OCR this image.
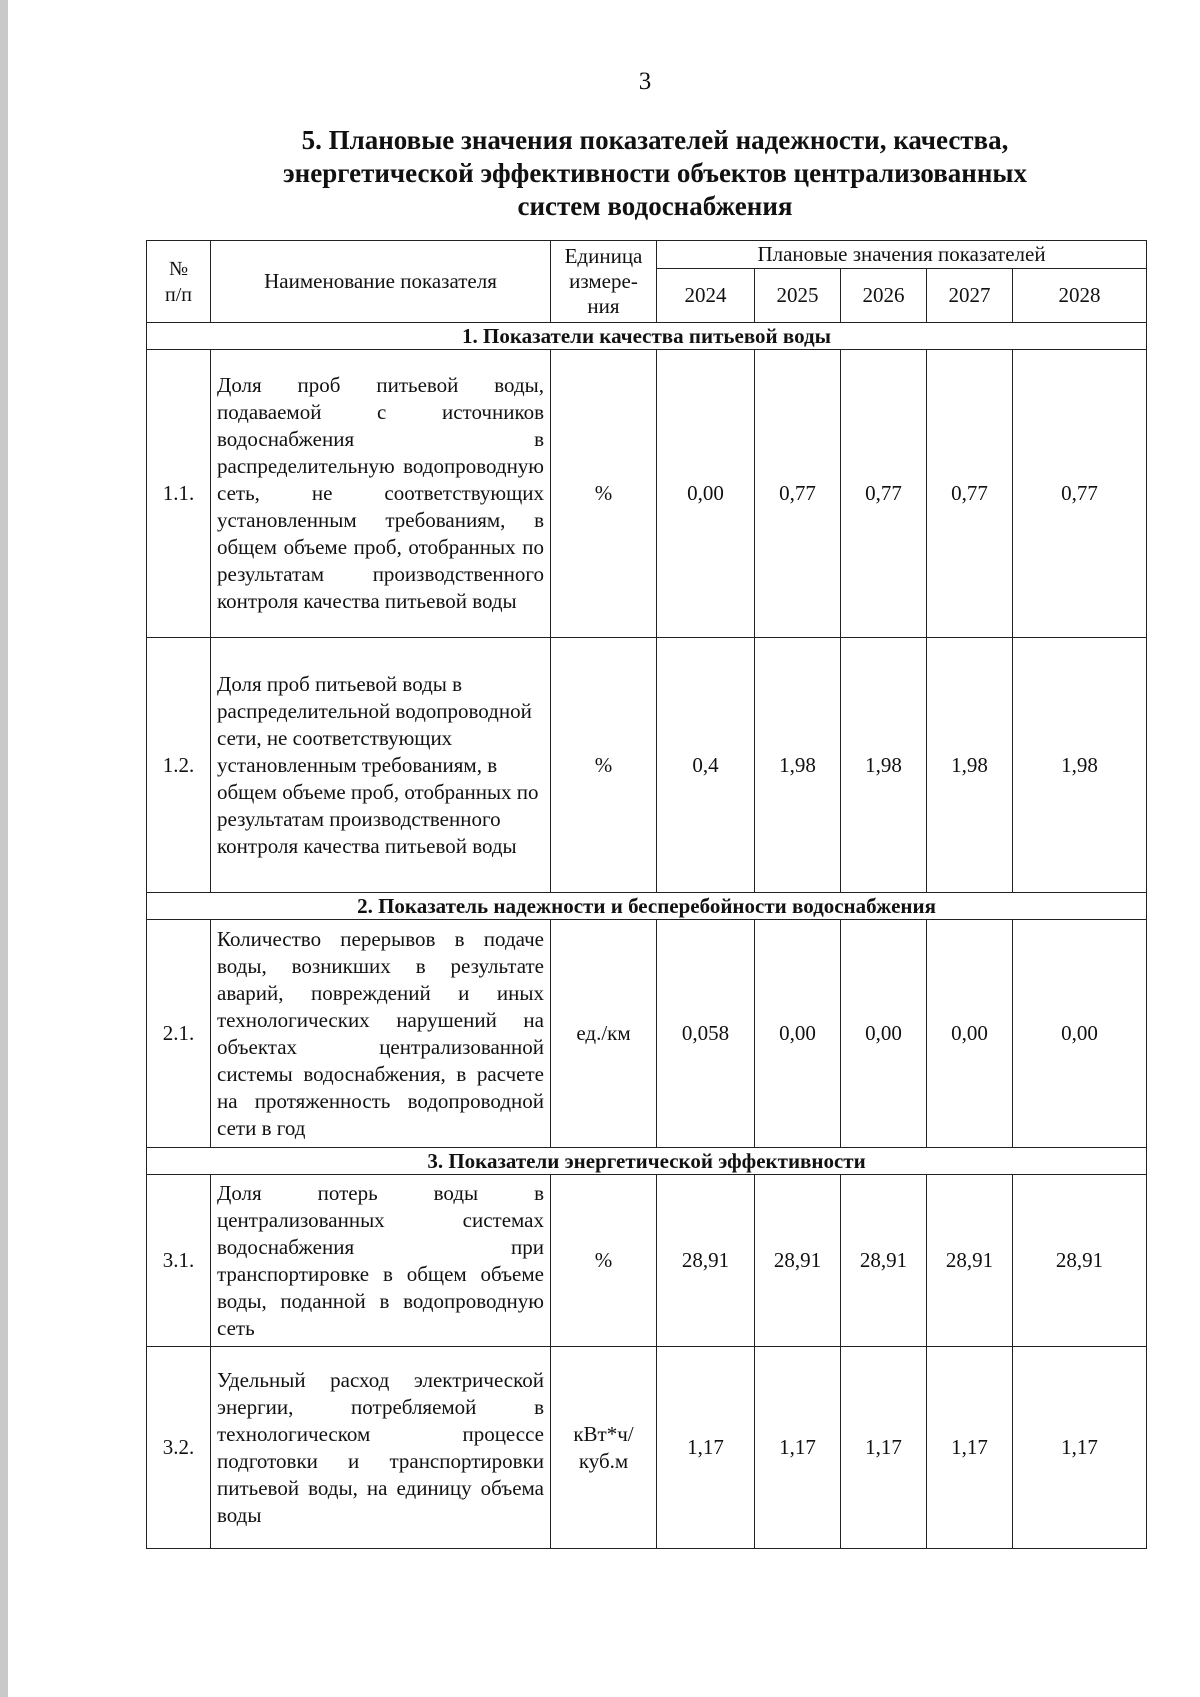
3
5. Плановые значения показателей надежности, качества,
энергетической эффективности объектов централизованных
систем водоснабжения
№
п/п	Наименование показателя	Единица измере-ния	Плановые значения показателей				
			2024	2025	2026	2027	2028
1. Показатели качества питьевой воды							
1.1.	Доля проб питьевой воды, подаваемой с источников водоснабжения в распределительную водопроводную сеть, не соответствующих установленным требованиям, в общем объеме проб, отобранных по результатам производственного контроля качества питьевой воды	%	0,00	0,77	0,77	0,77	0,77
1.2.	Доля проб питьевой воды в распределительной водопроводной сети, не соответствующих установленным требованиям, в общем объеме проб, отобранных по результатам производственного контроля качества питьевой воды	%	0,4	1,98	1,98	1,98	1,98
2. Показатель надежности и бесперебойности водоснабжения							
2.1.	Количество перерывов в подаче воды, возникших в результате аварий, повреждений и иных технологических нарушений на объектах централизованной системы водоснабжения, в расчете на протяженность водопроводной сети в год	ед./км	0,058	0,00	0,00	0,00	0,00
3. Показатели энергетической эффективности							
3.1.	Доля потерь воды в централизованных системах водоснабжения при транспортировке в общем объеме воды, поданной в водопроводную сеть	%	28,91	28,91	28,91	28,91	28,91
3.2.	Удельный расход электрической энергии, потребляемой в технологическом процессе подготовки и транспортировки питьевой воды, на единицу объема воды	кВт*ч/ куб.м	1,17	1,17	1,17	1,17	1,17
